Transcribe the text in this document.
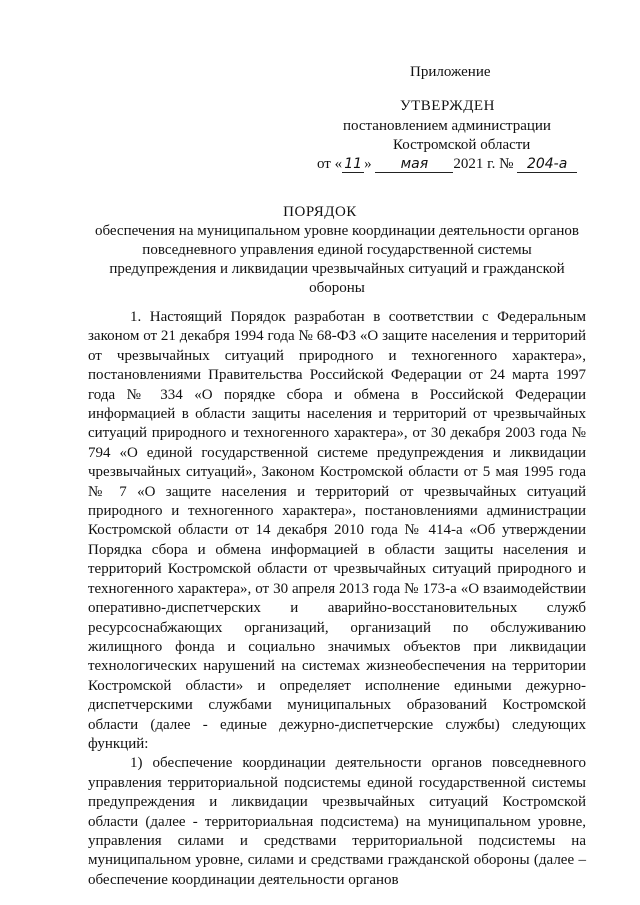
Приложение
УТВЕРЖДЕН
постановлением администрации
Костромской области
от « 11 » мая 2021 г. № 204-а
ПОРЯДОК
обеспечения на муниципальном уровне координации деятельности органов повседневного управления единой государственной системы предупреждения и ликвидации чрезвычайных ситуаций и гражданской обороны

1. Настоящий Порядок разработан в соответствии с Федеральным законом от 21 декабря 1994 года № 68-ФЗ «О защите населения и территорий от чрезвычайных ситуаций природного и техногенного характера», постановлениями Правительства Российской Федерации от 24 марта 1997 года № 334 «О порядке сбора и обмена в Российской Федерации информацией в области защиты населения и территорий от чрезвычайных ситуаций природного и техногенного характера», от 30 декабря 2003 года № 794 «О единой государственной системе предупреждения и ликвидации чрезвычайных ситуаций», Законом Костромской области от 5 мая 1995 года № 7 «О защите населения и территорий от чрезвычайных ситуаций природного и техногенного характера», постановлениями администрации Костромской области от 14 декабря 2010 года № 414-а «Об утверждении Порядка сбора и обмена информацией в области защиты населения и территорий Костромской области от чрезвычайных ситуаций природного и техногенного характера», от 30 апреля 2013 года № 173-а «О взаимодействии оперативно-диспетчерских и аварийно-восстановительных служб ресурсоснабжающих организаций, организаций по обслуживанию жилищного фонда и социально значимых объектов при ликвидации технологических нарушений на системах жизнеобеспечения на территории Костромской области» и определяет исполнение едиными дежурно-диспетчерскими службами муниципальных образований Костромской области (далее - единые дежурно-диспетчерские службы) следующих функций:

1) обеспечение координации деятельности органов повседневного управления территориальной подсистемы единой государственной системы предупреждения и ликвидации чрезвычайных ситуаций Костромской области (далее - территориальная подсистема) на муниципальном уровне, управления силами и средствами территориальной подсистемы на муниципальном уровне, силами и средствами гражданской обороны (далее – обеспечение координации деятельности органов
